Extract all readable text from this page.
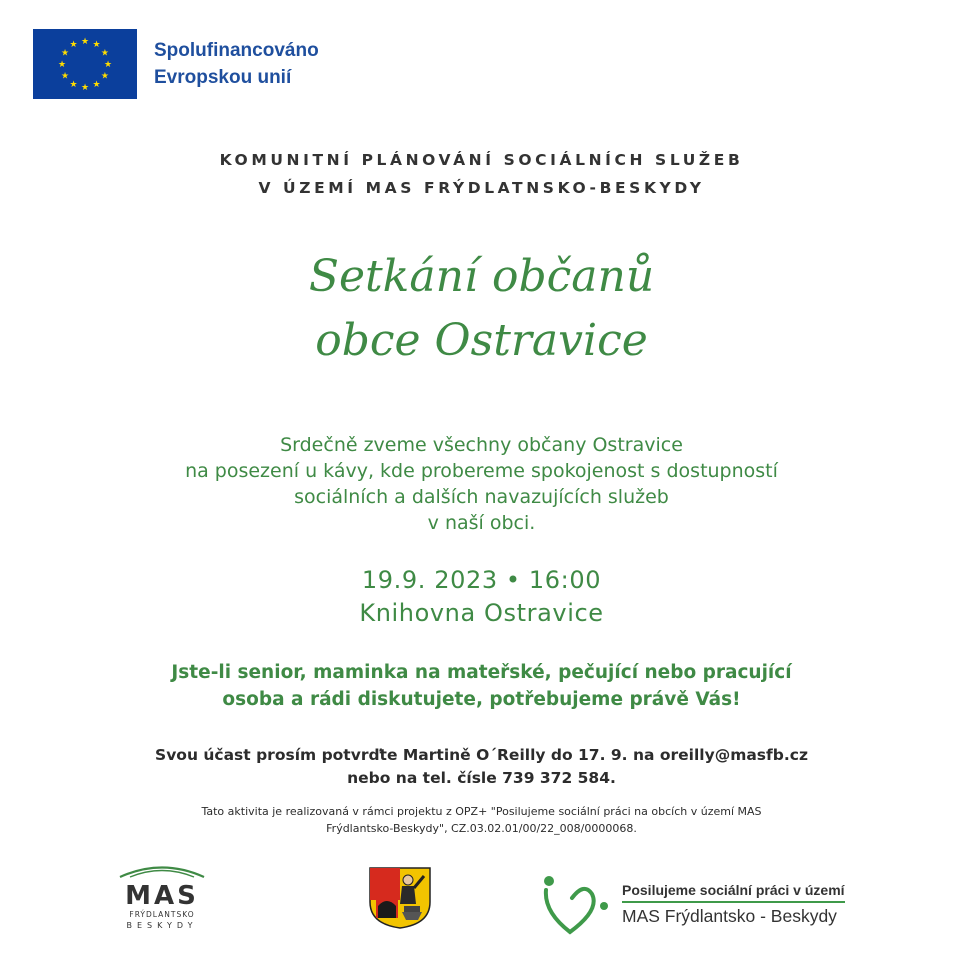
★ ★
★
★
★
★
★
★
★
★
★
★	Spolufinancováno
Evropskou unií
KOMUNITNÍ PLÁNOVÁNÍ SOCIÁLNÍCH SLUŽEB
V ÚZEMÍ MAS FRÝDLATNSKO-BESKYDY
Setkání občanů
obce Ostravice
Srdečně zveme všechny občany Ostravice
na posezení u kávy, kde probereme spokojenost s dostupností
sociálních a dalších navazujících služeb
v naší obci.
19.9. 2023 • 16:00
Knihovna Ostravice
Jste-li senior, maminka na mateřské, pečující nebo pracující
osoba a rádi diskutujete, potřebujeme právě Vás!
Svou účast prosím potvrďte Martině O´Reilly do 17. 9. na oreilly@masfb.cz
nebo na tel. čísle 739 372 584.
Tato aktivita je realizovaná v rámci projektu z OPZ+ "Posilujeme sociální práci na obcích v území MAS
Frýdlantsko-Beskydy", CZ.03.02.01/00/22_008/0000068.
MAS
FRÝDLANTSKO
BESKYDY
Posilujeme sociální práci v území
MAS Frýdlantsko - Beskydy
